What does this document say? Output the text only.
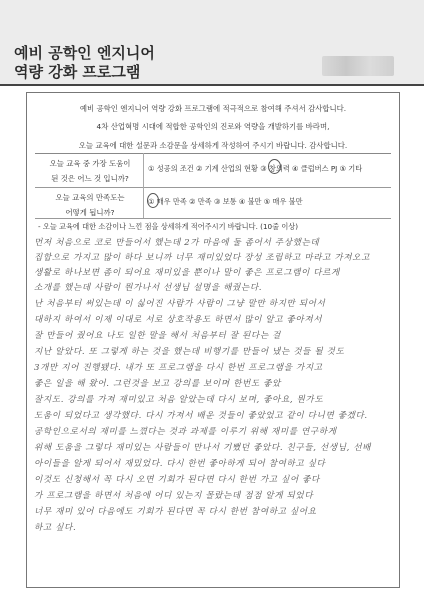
예비 공학인 엔지니어
역량 강화 프로그램
예비 공학인 엔지니어 역량 강화 프로그램에 적극적으로 참여해 주셔서 감사합니다.
4차 산업혁명 시대에 적합한 공학인의 진로와 역량을 개발하기를 바라며,
오늘 교육에 대한 설문과 소감문을 상세하게 작성하여 주시기 바랍니다. 감사합니다.
오늘 교육 중 가장 도움이
된 것은 어느 것 입니까?
① 성공의 조건 ② 기계 산업의 현황 ③ 창의력 ④ 클럽버스 PJ ⑤ 기타
오늘 교육의 만족도는
어떻게 됩니까?
① 매우 만족 ② 만족 ③ 보통 ④ 불만 ⑤ 매우 불만
- 오늘 교육에 대한 소감이나 느낀 점을 상세하게 적어주시기 바랍니다. (10줄 이상)
먼저 처음으로 코로 만들어서 했는데 2가 마음에 둘 좀어서 주상했는데
집합으로 가지고 많이 하다 보니까 너무 재미있었다 장성 조립하고 마라고 가져오고
생활로 하나보면 좀이 되어요 재미있을 뿐이나 말이 좋은 프로그램이 다르게
소개를 했는데 사람이 뭔가나서 선생님 설명을 해줬는다.
난 처음부터 써있는데 이 싫어진 사람가 사람이 그냥 말만 하지만 되어서
대하지 하여서 이제 이대로 서로 상호작용도 하면서 많이 알고 좋아져서
잘 만들어 줬어요 나도 일한 말을 해서 처음부터 잘 된다는 걸
지난 알았다. 또 그렇게 하는 것을 했는데 비행기를 만들어 냈는 것들 될 것도
3개만 지어 진행됐다. 내가 또 프로그램을 다시 한번 프로그램을 가지고
좋은 일을 해 왔어. 그런것을 보고 강의를 보이며 한번도 좋았
잘지도. 강의를 가져 재미있고 처음 알았는데 다시 보며, 좋아요, 뭔가도
도움이 되었다고 생각했다. 다시 가져서 배운 것들이 좋았었고 같이 다니면 좋겠다.
공학인으로서의 재미를 느꼈다는 것과 과제를 이루기 위해 재미를 연구하게
위해 도움을 그렇다 재미있는 사람들이 만나서 기뻤던 좋았다. 친구들, 선생님, 선배
아이들을 알게 되어서 재밌었다. 다시 한번 좋아하게 되어 참여하고 싶다
이것도 신청해서 꼭 다시 오면 기회가 된다면 다시 한번 가고 싶어 좋다
가 프로그램을 하면서 처음에 어디 있는지 몰랐는데 점점 알게 되었다
너무 재미 있어 다음에도 기회가 된다면 꼭 다시 한번 참여하고 싶어요
하고 싶다.
